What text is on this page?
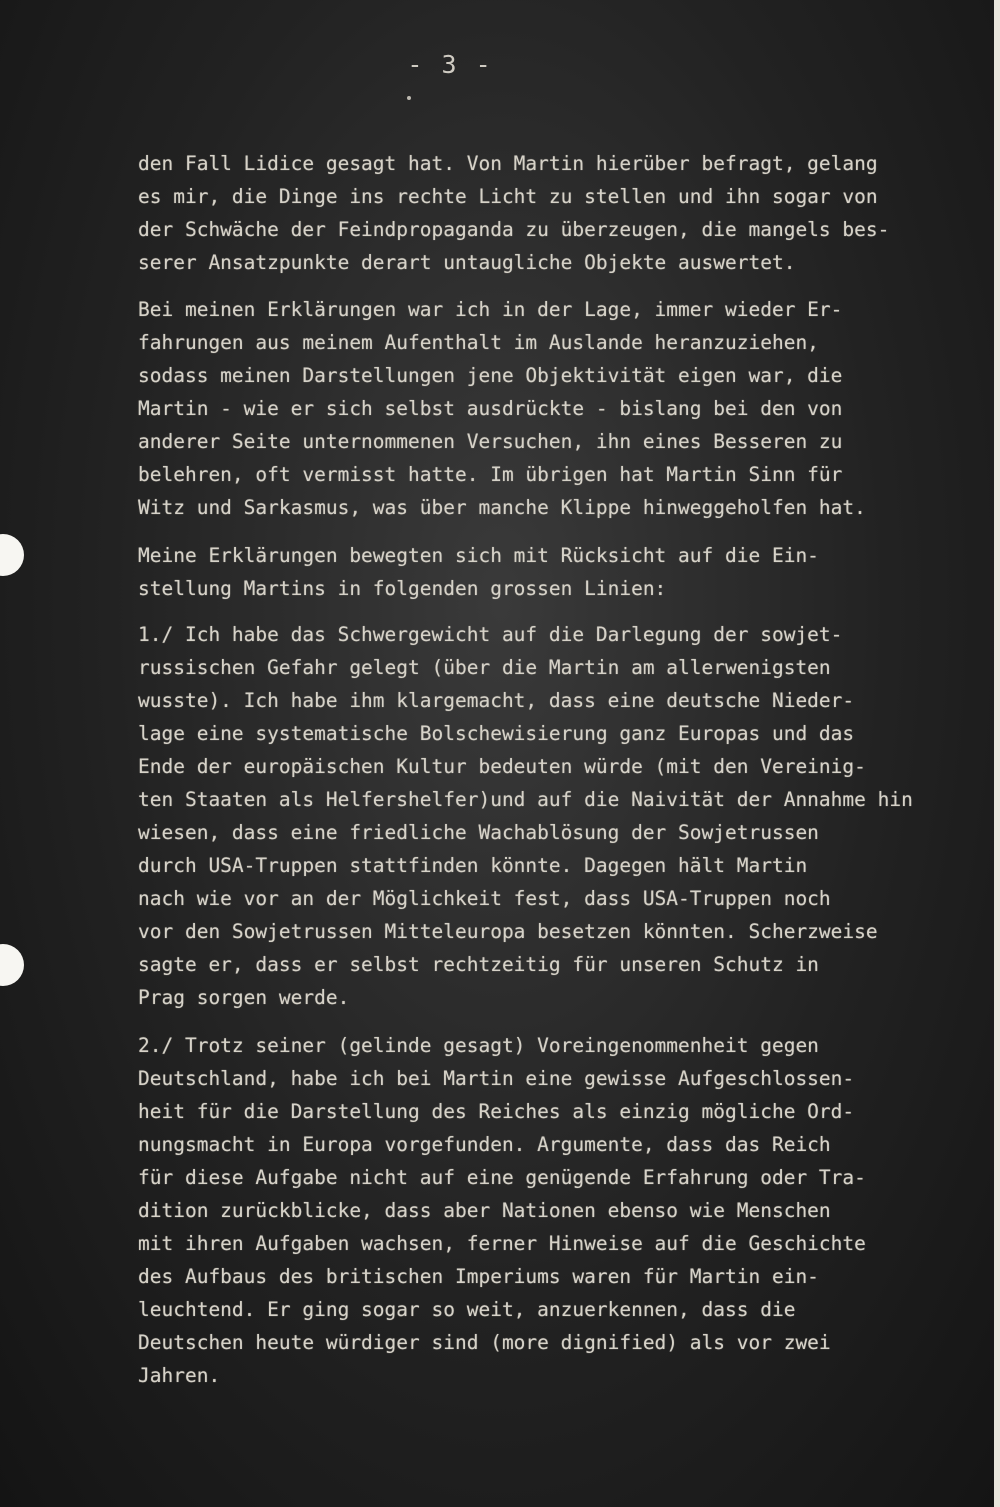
- 3 -
den Fall Lidice gesagt hat. Von Martin hierüber befragt, gelang
es mir, die Dinge ins rechte Licht zu stellen und ihn sogar von
der Schwäche der Feindpropaganda zu überzeugen, die mangels bes-
serer Ansatzpunkte derart untaugliche Objekte auswertet.
Bei meinen Erklärungen war ich in der Lage, immer wieder Er-
fahrungen aus meinem Aufenthalt im Auslande heranzuziehen,
sodass meinen Darstellungen jene Objektivität eigen war, die
Martin - wie er sich selbst ausdrückte - bislang bei den von
anderer Seite unternommenen Versuchen, ihn eines Besseren zu
belehren, oft vermisst hatte. Im übrigen hat Martin Sinn für
Witz und Sarkasmus, was über manche Klippe hinweggeholfen hat.
Meine Erklärungen bewegten sich mit Rücksicht auf die Ein-
stellung Martins in folgenden grossen Linien:
1./ Ich habe das Schwergewicht auf die Darlegung der sowjet-
russischen Gefahr gelegt (über die Martin am allerwenigsten
wusste). Ich habe ihm klargemacht, dass eine deutsche Nieder-
lage eine systematische Bolschewisierung ganz Europas und das
Ende der europäischen Kultur bedeuten würde (mit den Vereinig-
ten Staaten als Helfershelfer)und auf die Naivität der Annahme hin
wiesen, dass eine friedliche Wachablösung der Sowjetrussen
durch USA-Truppen stattfinden könnte. Dagegen hält Martin
nach wie vor an der Möglichkeit fest, dass USA-Truppen noch
vor den Sowjetrussen Mitteleuropa besetzen könnten. Scherzweise
sagte er, dass er selbst rechtzeitig für unseren Schutz in
Prag sorgen werde.
2./ Trotz seiner (gelinde gesagt) Voreingenommenheit gegen
Deutschland, habe ich bei Martin eine gewisse Aufgeschlossen-
heit für die Darstellung des Reiches als einzig mögliche Ord-
nungsmacht in Europa vorgefunden. Argumente, dass das Reich
für diese Aufgabe nicht auf eine genügende Erfahrung oder Tra-
dition zurückblicke, dass aber Nationen ebenso wie Menschen
mit ihren Aufgaben wachsen, ferner Hinweise auf die Geschichte
des Aufbaus des britischen Imperiums waren für Martin ein-
leuchtend. Er ging sogar so weit, anzuerkennen, dass die
Deutschen heute würdiger sind (more dignified) als vor zwei
Jahren.
